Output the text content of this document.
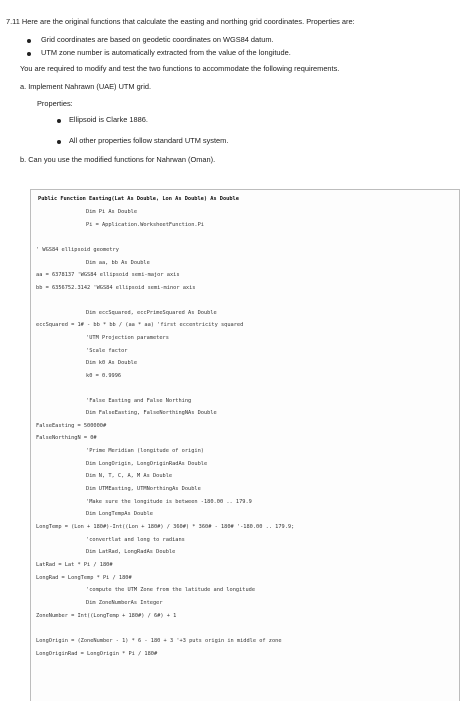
7.11 Here are the original functions that calculate the easting and northing grid coordinates. Properties are:
Grid coordinates are based on geodetic coordinates on WGS84 datum.
UTM zone number is automatically extracted from the value of the longitude.
You are required to modify and test the two functions to accommodate the following requirements.
a. Implement Nahrawn (UAE) UTM grid.
Properties:
Ellipsoid is Clarke 1886.
All other properties follow standard UTM system.
b. Can you use the modified functions for Nahrwan (Oman).
Public Function Easting(Lat As Double, Lon As Double) As Double
Dim Pi As Double
Pi = Application.WorksheetFunction.Pi
' WGS84 ellipsoid geometry
Dim aa, bb As Double
aa = 6378137 'WGS84 ellipsoid semi-major axis
bb = 6356752.3142 'WGS84 ellipsoid semi-minor axis
Dim eccSquared, eccPrimeSquared As Double
eccSquared = 1# - bb * bb / (aa * aa) 'first eccentricity squared
'UTM Projection parameters
'Scale factor
Dim k0 As Double
k0 = 0.9996
'False Easting and False Northing
Dim FalseEasting, FalseNorthingNAs Double
FalseEasting = 500000#
FalseNorthingN = 0#
'Prime Meridian (longitude of origin)
Dim LongOrigin, LongOriginRadAs Double
Dim N, T, C, A, M As Double
Dim UTMEasting, UTMNorthingAs Double
'Make sure the longitude is between -180.00 .. 179.9
Dim LongTempAs Double
LongTemp = (Lon + 180#)-Int((Lon + 180#) / 360#) * 360# - 180# '-180.00 .. 179.9;
'convertlat and long to radians
Dim LatRad, LongRadAs Double
LatRad = Lat * Pi / 180#
LongRad = LongTemp * Pi / 180#
'compute the UTM Zone from the latitude and longitude
Dim ZoneNumberAs Integer
ZoneNumber = Int((LongTemp + 180#) / 6#) + 1
LongOrigin = (ZoneNumber - 1) * 6 - 180 + 3 '+3 puts origin in middle of zone
LongOriginRad = LongOrigin * Pi / 180#
